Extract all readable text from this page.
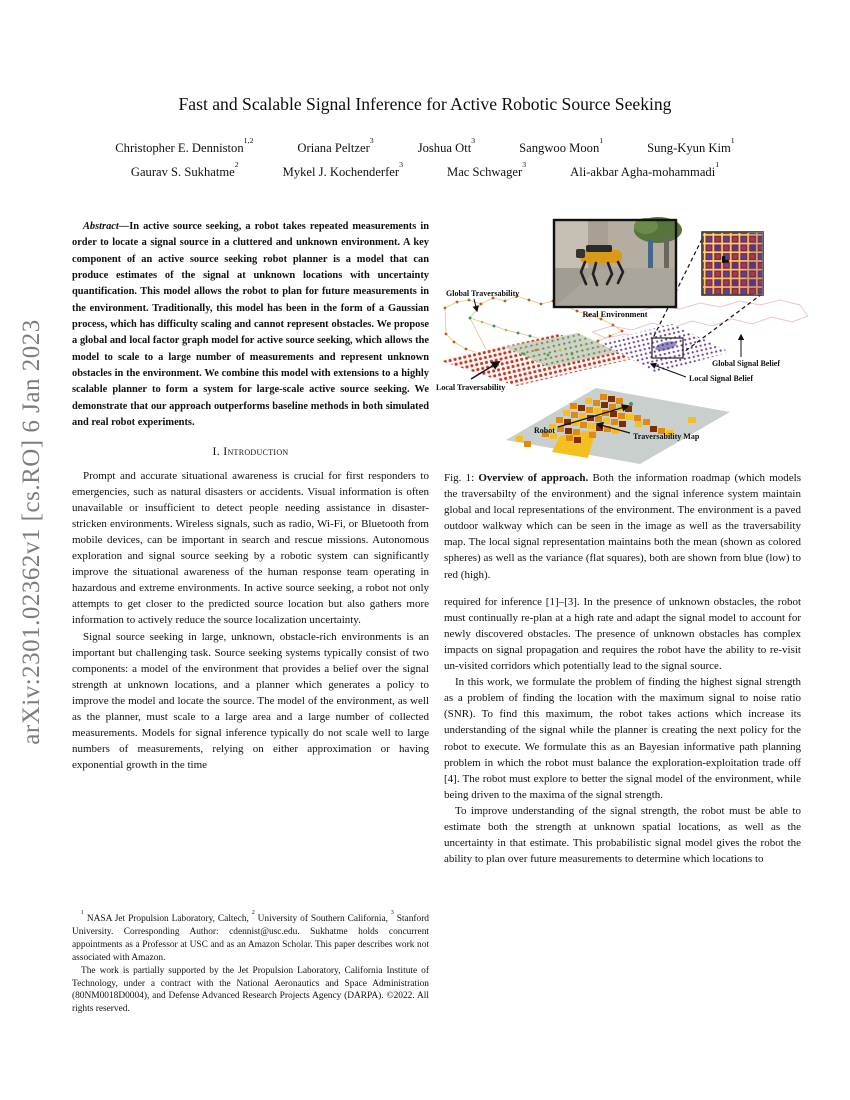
arXiv:2301.02362v1 [cs.RO] 6 Jan 2023
Fast and Scalable Signal Inference for Active Robotic Source Seeking
Christopher E. Denniston$^{1,2}$
Oriana Peltzer$^3$
Joshua Ott$^3$
Sangwoo Moon$^1$
Sung-Kyun Kim$^1$
Gaurav S. Sukhatme$^2$
Mykel J. Kochenderfer$^3$
Mac Schwager$^3$
Ali-akbar Agha-mohammadi$^1$

Abstract—In active source seeking, a robot takes repeated measurements in order to locate a signal source in a cluttered and unknown environment. A key component of an active source seeking robot planner is a model that can produce estimates of the signal at unknown locations with uncertainty quantification. This model allows the robot to plan for future measurements in the environment. Traditionally, this model has been in the form of a Gaussian process, which has difficulty scaling and cannot represent obstacles. We propose a global and local factor graph model for active source seeking, which allows the model to scale to a large number of measurements and represent unknown obstacles in the environment. We combine this model with extensions to a highly scalable planner to form a system for large-scale active source seeking. We demonstrate that our approach outperforms baseline methods in both simulated and real robot experiments.

I. Introduction

Prompt and accurate situational awareness is crucial for first responders to emergencies, such as natural disasters or accidents. Visual information is often unavailable or insufficient to detect people needing assistance in disaster-stricken environments. Wireless signals, such as radio, Wi-Fi, or Bluetooth from mobile devices, can be important in search and rescue missions. Autonomous exploration and signal source seeking by a robotic system can significantly improve the situational awareness of the human response team operating in hazardous and extreme environments. In active source seeking, a robot not only attempts to get closer to the predicted source location but also gathers more information to actively reduce the source localization uncertainty.

Signal source seeking in large, unknown, obstacle-rich environments is an important but challenging task. Source seeking systems typically consist of two components: a model of the environment that provides a belief over the signal strength at unknown locations, and a planner which generates a policy to improve the model and locate the source. The model of the environment, as well as the planner, must scale to a large area and a large number of collected measurements. Models for signal inference typically do not scale well to large numbers of measurements, relying on either approximation or having exponential growth in the time

$^1$ NASA Jet Propulsion Laboratory, Caltech, $^2$ University of Southern California, $^3$ Stanford University. Corresponding Author: cdennist@usc.edu. Sukhatme holds concurrent appointments as a Professor at USC and as an Amazon Scholar. This paper describes work not associated with Amazon.

The work is partially supported by the Jet Propulsion Laboratory, California Institute of Technology, under a contract with the National Aeronautics and Space Administration (80NM0018D0004), and Defense Advanced Research Projects Agency (DARPA). ©2022. All rights reserved.

Global Traversability
Real Environment
Local Traversability
Global Signal Belief
Local Signal Belief
Robot
Traversability Map

Fig. 1: Overview of approach. Both the information roadmap (which models the traversabilty of the environment) and the signal inference system maintain global and local representations of the environment. The environment is a paved outdoor walkway which can be seen in the image as well as the traversability map. The local signal representation maintains both the mean (shown as colored spheres) as well as the variance (flat squares), both are shown from blue (low) to red (high).

required for inference [1]–[3]. In the presence of unknown obstacles, the robot must continually re-plan at a high rate and adapt the signal model to account for newly discovered obstacles. The presence of unknown obstacles has complex impacts on signal propagation and requires the robot have the ability to re-visit un-visited corridors which potentially lead to the signal source.

In this work, we formulate the problem of finding the highest signal strength as a problem of finding the location with the maximum signal to noise ratio (SNR). To find this maximum, the robot takes actions which increase its understanding of the signal while the planner is creating the next policy for the robot to execute. We formulate this as an Bayesian informative path planning problem in which the robot must balance the exploration-exploitation trade off [4]. The robot must explore to better the signal model of the environment, while being driven to the maxima of the signal strength.

To improve understanding of the signal strength, the robot must be able to estimate both the strength at unknown spatial locations, as well as the uncertainty in that estimate. This probabilistic signal model gives the robot the ability to plan over future measurements to determine which locations to
